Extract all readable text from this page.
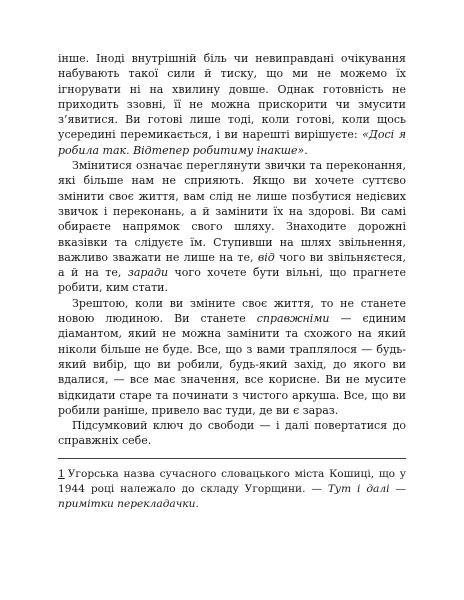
інше. Іноді внутрішній біль чи невиправдані очікування набувають такої сили й тиску, що ми не можемо їх ігнорувати ні на хвилину довше. Однак готовність не приходить ззовні, її не можна прискорити чи змусити з’явитися. Ви готові лише тоді, коли готові, коли щось усередині перемикається, і ви нарешті вирішуєте: «Досі я робила так. Відтепер робитиму інакше».

Змінитися означає переглянути звички та переконання, які більше нам не сприяють. Якщо ви хочете суттєво змінити своє життя, вам слід не лише позбутися недієвих звичок і переконань, а й замінити їх на здорові. Ви самі обираєте напрямок свого шляху. Знаходите дорожні вказівки та слідуєте їм. Ступивши на шлях звільнення, важливо зважати не лише на те, від чого ви звільняєтеся, а й на те, заради чого хочете бути вільні, що прагнете робити, ким стати.

Зрештою, коли ви зміните своє життя, то не станете новою людиною. Ви станете справжніми — єдиним діамантом, який не можна замінити та схожого на який ніколи більше не буде. Все, що з вами траплялося — будь-який вибір, що ви робили, будь-який захід, до якого ви вдалися, — все має значення, все корисне. Ви не мусите відкидати старе та починати з чистого аркуша. Все, що ви робили раніше, привело вас туди, де ви є зараз.

Підсумковий ключ до свободи — і далі повертатися до справжніх себе.

1 Угорська назва сучасного словацького міста Кошиці, що у 1944 році належало до складу Угорщини. — Тут і далі — примітки перекладачки.
